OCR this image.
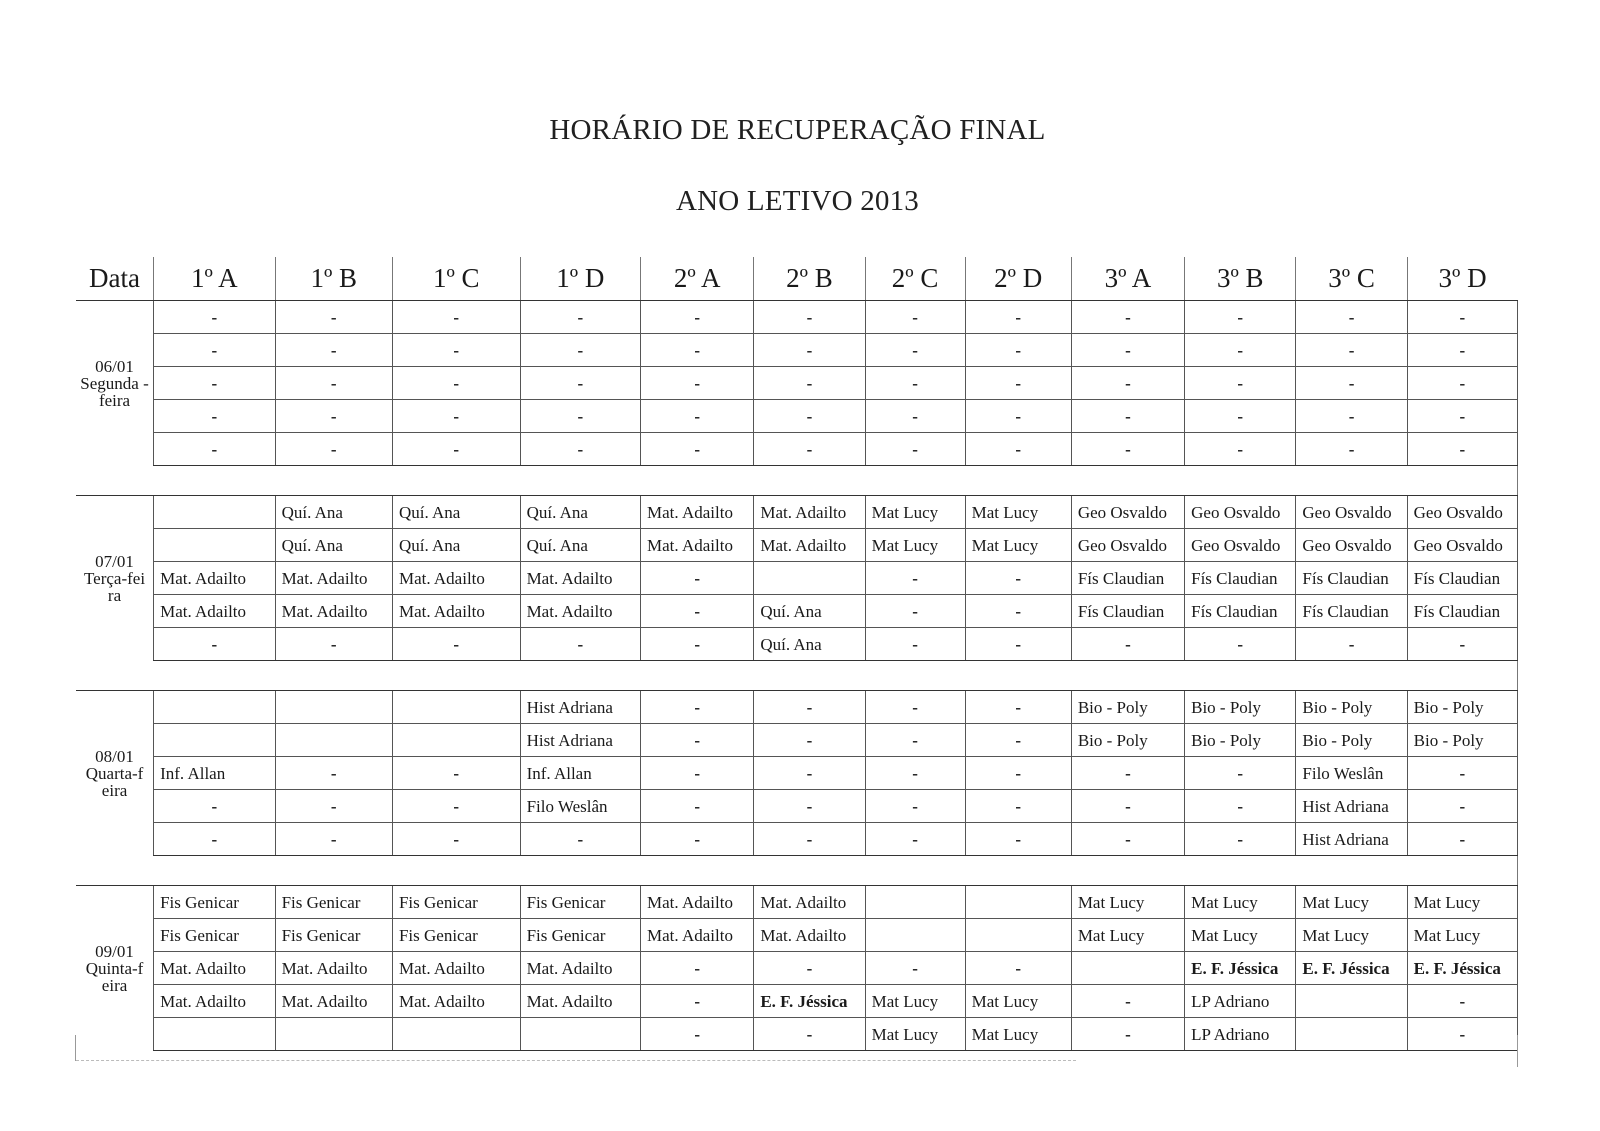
HORÁRIO DE RECUPERAÇÃO FINAL
ANO LETIVO 2013
Data	1º A	1º B	1º C	1º D	2º A	2º B	2º C	2º D	3º A	3º B	3º C	3º D

06/01
Segunda -feira	-	-	-	-	-	-	-	-	-	-	-	-
	-	-	-	-	-	-	-	-	-	-	-	-
	-	-	-	-	-	-	-	-	-	-	-	-
	-	-	-	-	-	-	-	-	-	-	-	-
	-	-	-	-	-	-	-	-	-	-	-	-

07/01
Terça-fei ra		Quí. Ana	Quí. Ana	Quí. Ana	Mat. Adailto	Mat. Adailto	Mat Lucy	Mat Lucy	Geo Osvaldo	Geo Osvaldo	Geo Osvaldo	Geo Osvaldo
		Quí. Ana	Quí. Ana	Quí. Ana	Mat. Adailto	Mat. Adailto	Mat Lucy	Mat Lucy	Geo Osvaldo	Geo Osvaldo	Geo Osvaldo	Geo Osvaldo
	Mat. Adailto	Mat. Adailto	Mat. Adailto	Mat. Adailto	-		-	-	Fís Claudian	Fís Claudian	Fís Claudian	Fís Claudian
	Mat. Adailto	Mat. Adailto	Mat. Adailto	Mat. Adailto	-	Quí. Ana	-	-	Fís Claudian	Fís Claudian	Fís Claudian	Fís Claudian
	-	-	-	-	-	Quí. Ana	-	-	-	-	-	-

08/01
Quarta-f eira				Hist Adriana	-	-	-	-	Bio - Poly	Bio - Poly	Bio - Poly	Bio - Poly
				Hist Adriana	-	-	-	-	Bio - Poly	Bio - Poly	Bio - Poly	Bio - Poly
	Inf. Allan	-	-	Inf. Allan	-	-	-	-	-	-	Filo Weslân	-
	-	-	-	Filo Weslân	-	-	-	-	-	-	Hist Adriana	-
	-	-	-	-	-	-	-	-	-	-	Hist Adriana	-

09/01
Quinta-f eira	Fis Genicar	Fis Genicar	Fis Genicar	Fis Genicar	Mat. Adailto	Mat. Adailto			Mat Lucy	Mat Lucy	Mat Lucy	Mat Lucy
	Fis Genicar	Fis Genicar	Fis Genicar	Fis Genicar	Mat. Adailto	Mat. Adailto			Mat Lucy	Mat Lucy	Mat Lucy	Mat Lucy
	Mat. Adailto	Mat. Adailto	Mat. Adailto	Mat. Adailto	-	-	-	-		E. F. Jéssica	E. F. Jéssica	E. F. Jéssica
	Mat. Adailto	Mat. Adailto	Mat. Adailto	Mat. Adailto	-	E. F. Jéssica	Mat Lucy	Mat Lucy	-	LP Adriano		-
					-	-	Mat Lucy	Mat Lucy	-	LP Adriano		-
